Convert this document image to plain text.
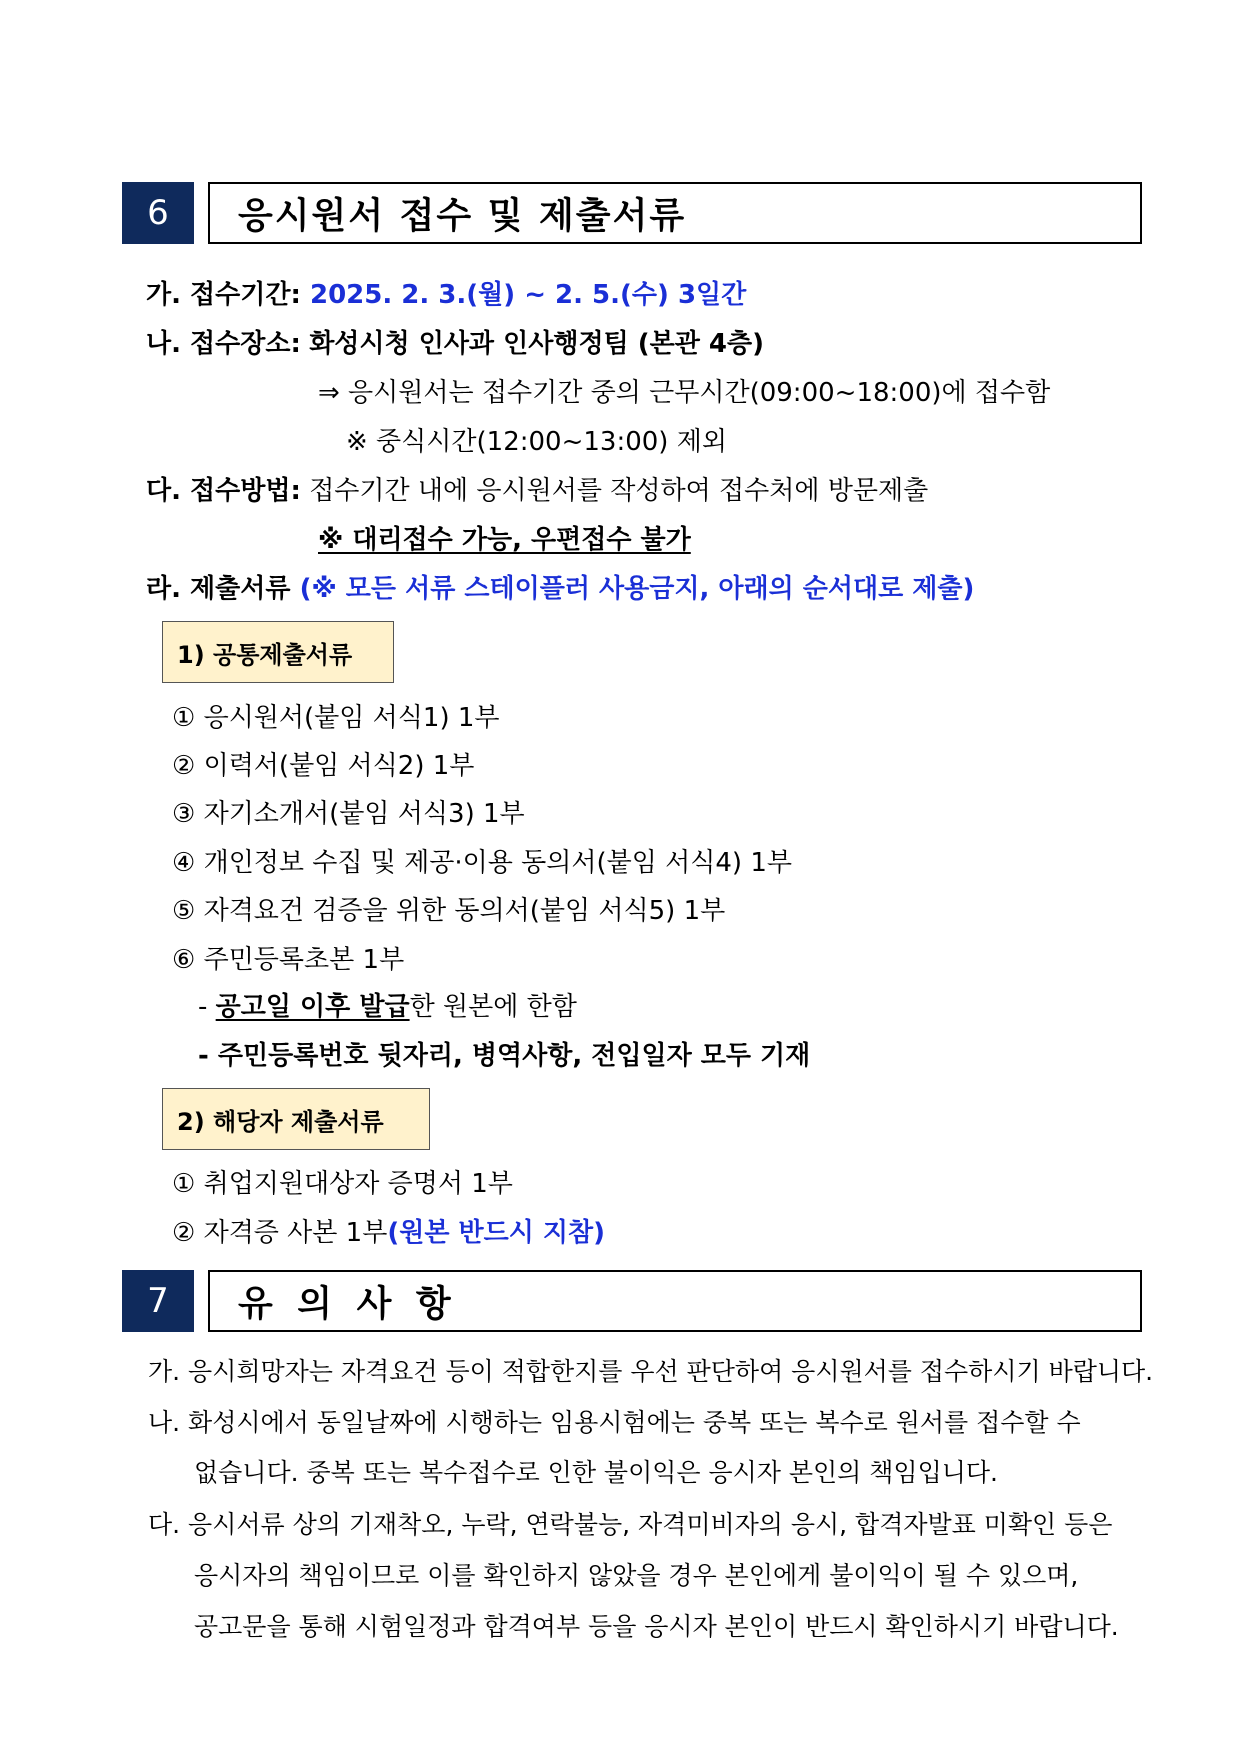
6	응시원서 접수 및 제출서류
가. 접수기간: 2025. 2. 3.(월) ~ 2. 5.(수) 3일간
나. 접수장소: 화성시청 인사과 인사행정팀 (본관 4층)
⇒ 응시원서는 접수기간 중의 근무시간(09:00~18:00)에 접수함
※ 중식시간(12:00~13:00) 제외
다. 접수방법: 접수기간 내에 응시원서를 작성하여 접수처에 방문제출
※ 대리접수 가능, 우편접수 불가
라. 제출서류 (※ 모든 서류 스테이플러 사용금지, 아래의 순서대로 제출)
1) 공통제출서류
① 응시원서(붙임 서식1) 1부
② 이력서(붙임 서식2) 1부
③ 자기소개서(붙임 서식3) 1부
④ 개인정보 수집 및 제공·이용 동의서(붙임 서식4) 1부
⑤ 자격요건 검증을 위한 동의서(붙임 서식5) 1부
⑥ 주민등록초본 1부
- 공고일 이후 발급한 원본에 한함
- 주민등록번호 뒷자리, 병역사항, 전입일자 모두 기재
2) 해당자 제출서류
① 취업지원대상자 증명서 1부
② 자격증 사본 1부(원본 반드시 지참)
7	유 의 사 항
가. 응시희망자는 자격요건 등이 적합한지를 우선 판단하여 응시원서를 접수하시기 바랍니다.
나. 화성시에서 동일날짜에 시행하는 임용시험에는 중복 또는 복수로 원서를 접수할 수
없습니다. 중복 또는 복수접수로 인한 불이익은 응시자 본인의 책임입니다.
다. 응시서류 상의 기재착오, 누락, 연락불능, 자격미비자의 응시, 합격자발표 미확인 등은
응시자의 책임이므로 이를 확인하지 않았을 경우 본인에게 불이익이 될 수 있으며,
공고문을 통해 시험일정과 합격여부 등을 응시자 본인이 반드시 확인하시기 바랍니다.
